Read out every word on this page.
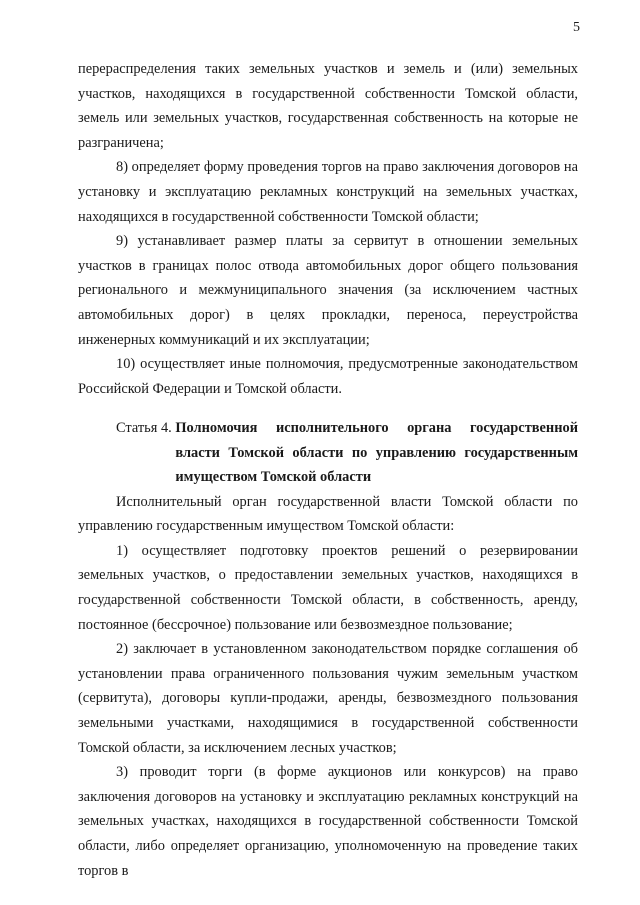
5

перераспределения таких земельных участков и земель и (или) земельных участков, находящихся в государственной собственности Томской области, земель или земельных участков, государственная собственность на которые не разграничена;

8) определяет форму проведения торгов на право заключения договоров на установку и эксплуатацию рекламных конструкций на земельных участках, находящихся в государственной собственности Томской области;

9) устанавливает размер платы за сервитут в отношении земельных участков в границах полос отвода автомобильных дорог общего пользования регионального и межмуниципального значения (за исключением частных автомобильных дорог) в целях прокладки, переноса, переустройства инженерных коммуникаций и их эксплуатации;

10) осуществляет иные полномочия, предусмотренные законодательством Российской Федерации и Томской области.

Статья 4. Полномочия исполнительного органа государственной власти Томской области по управлению государственным имуществом Томской области

Исполнительный орган государственной власти Томской области по управлению государственным имуществом Томской области:

1) осуществляет подготовку проектов решений о резервировании земельных участков, о предоставлении земельных участков, находящихся в государственной собственности Томской области, в собственность, аренду, постоянное (бессрочное) пользование или безвозмездное пользование;

2) заключает в установленном законодательством порядке соглашения об установлении права ограниченного пользования чужим земельным участком (сервитута), договоры купли-продажи, аренды, безвозмездного пользования земельными участками, находящимися в государственной собственности Томской области, за исключением лесных участков;

3) проводит торги (в форме аукционов или конкурсов) на право заключения договоров на установку и эксплуатацию рекламных конструкций на земельных участках, находящихся в государственной собственности Томской области, либо определяет организацию, уполномоченную на проведение таких торгов в
